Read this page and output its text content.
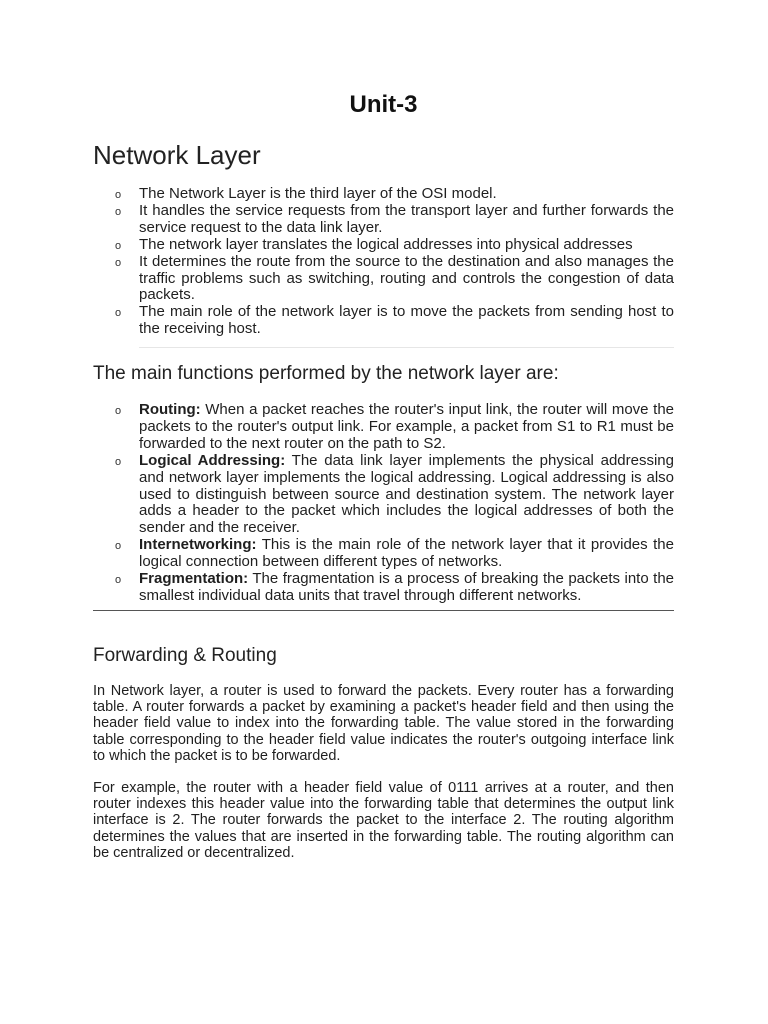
Unit-3
Network Layer
o The Network Layer is the third layer of the OSI model.
o It handles the service requests from the transport layer and further forwards the service request to the data link layer.
o The network layer translates the logical addresses into physical addresses
o It determines the route from the source to the destination and also manages the traffic problems such as switching, routing and controls the congestion of data packets.
o The main role of the network layer is to move the packets from sending host to the receiving host.
The main functions performed by the network layer are:
o Routing: When a packet reaches the router's input link, the router will move the packets to the router's output link. For example, a packet from S1 to R1 must be forwarded to the next router on the path to S2.
o Logical Addressing: The data link layer implements the physical addressing and network layer implements the logical addressing. Logical addressing is also used to distinguish between source and destination system. The network layer adds a header to the packet which includes the logical addresses of both the sender and the receiver.
o Internetworking: This is the main role of the network layer that it provides the logical connection between different types of networks.
o Fragmentation: The fragmentation is a process of breaking the packets into the smallest individual data units that travel through different networks.
Forwarding & Routing

In Network layer, a router is used to forward the packets. Every router has a forwarding table. A router forwards a packet by examining a packet's header field and then using the header field value to index into the forwarding table. The value stored in the forwarding table corresponding to the header field value indicates the router's outgoing interface link to which the packet is to be forwarded.

For example, the router with a header field value of 0111 arrives at a router, and then router indexes this header value into the forwarding table that determines the output link interface is 2. The router forwards the packet to the interface 2. The routing algorithm determines the values that are inserted in the forwarding table. The routing algorithm can be centralized or decentralized.
